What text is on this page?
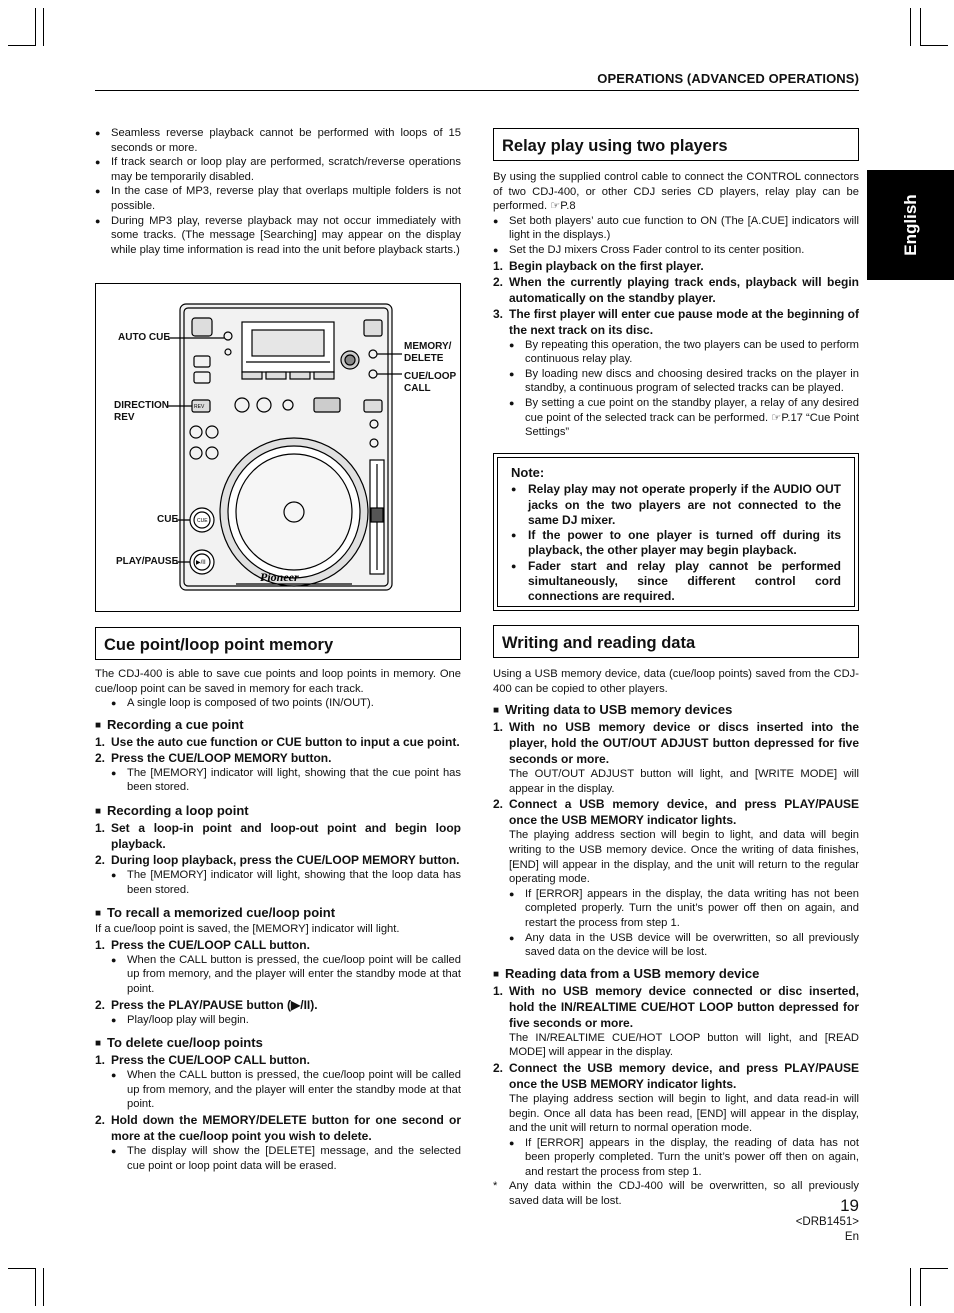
OPERATIONS (ADVANCED OPERATIONS)
English
● Seamless reverse playback cannot be performed with loops of 15 seconds or more.
● If track search or loop play are performed, scratch/reverse operations may be temporarily disabled.
● In the case of MP3, reverse play that overlaps multiple folders is not possible.
● During MP3 play, reverse playback may not occur immediately with some tracks. (The message [Searching] may appear on the display while play time information is read into the unit before playback starts.)
REV
CUE
▶/II
Pioneer
AUTO CUE
MEMORY/ DELETE
CUE/LOOP CALL
DIRECTION REV
CUE
PLAY/PAUSE
Cue point/loop point memory
The CDJ-400 is able to save cue points and loop points in memory. One cue/loop point can be saved in memory for each track.
● A single loop is composed of two points (IN/OUT).
■ Recording a cue point
1. Use the auto cue function or CUE button to input a cue point.
2. Press the CUE/LOOP MEMORY button.
● The [MEMORY] indicator will light, showing that the cue point has been stored.
■ Recording a loop point
1. Set a loop-in point and loop-out point and begin loop playback.
2. During loop playback, press the CUE/LOOP MEMORY button.
● The [MEMORY] indicator will light, showing that the loop data has been stored.
■ To recall a memorized cue/loop point
If a cue/loop point is saved, the [MEMORY] indicator will light.
1. Press the CUE/LOOP CALL button.
● When the CALL button is pressed, the cue/loop point will be called up from memory, and the player will enter the standby mode at that point.
2. Press the PLAY/PAUSE button (▶/II).
● Play/loop play will begin.
■ To delete cue/loop points
1. Press the CUE/LOOP CALL button.
● When the CALL button is pressed, the cue/loop point will be called up from memory, and the player will enter the standby mode at that point.
2. Hold down the MEMORY/DELETE button for one second or more at the cue/loop point you wish to delete.
● The display will show the [DELETE] message, and the selected cue point or loop point data will be erased.
Relay play using two players
By using the supplied control cable to connect the CONTROL connectors of two CDJ-400, or other CDJ series CD players, relay play can be performed. ☞P.8
● Set both players’ auto cue function to ON (The [A.CUE] indicators will light in the displays.)
● Set the DJ mixers Cross Fader control to its center position.
1. Begin playback on the first player.
2. When the currently playing track ends, playback will begin automatically on the standby player.
3. The first player will enter cue pause mode at the beginning of the next track on its disc.
● By repeating this operation, the two players can be used to perform continuous relay play.
● By loading new discs and choosing desired tracks on the player in standby, a continuous program of selected tracks can be played.
● By setting a cue point on the standby player, a relay of any desired cue point of the selected track can be performed. ☞P.17 “Cue Point Settings”
Note:
● Relay play may not operate properly if the AUDIO OUT jacks on the two players are not connected to the same DJ mixer.
● If the power to one player is turned off during its playback, the other player may begin playback.
● Fader start and relay play cannot be performed simultaneously, since different control cord connections are required.
Writing and reading data
Using a USB memory device, data (cue/loop points) saved from the CDJ-400 can be copied to other players.
■ Writing data to USB memory devices
1. With no USB memory device or discs inserted into the player, hold the OUT/OUT ADJUST button depressed for five seconds or more.
The OUT/OUT ADJUST button will light, and [WRITE MODE] will appear in the display.
2. Connect a USB memory device, and press PLAY/PAUSE once the USB MEMORY indicator lights.
The playing address section will begin to light, and data will begin writing to the USB memory device. Once the writing of data finishes, [END] will appear in the display, and the unit will return to the regular operating mode.
● If [ERROR] appears in the display, the data writing has not been completed properly. Turn the unit’s power off then on again, and restart the process from step 1.
● Any data in the USB device will be overwritten, so all previously saved data on the device will be lost.
■ Reading data from a USB memory device
1. With no USB memory device connected or disc inserted, hold the IN/REALTIME CUE/HOT LOOP button depressed for five seconds or more.
The IN/REALTIME CUE/HOT LOOP button will light, and [READ MODE] will appear in the display.
2. Connect the USB memory device, and press PLAY/PAUSE once the USB MEMORY indicator lights.
The playing address section will begin to light, and data read-in will begin. Once all data has been read, [END] will appear in the display, and the unit will return to normal operation mode.
● If [ERROR] appears in the display, the reading of data has not been properly completed. Turn the unit’s power off then on again, and restart the process from step 1.
* Any data within the CDJ-400 will be overwritten, so all previously saved data will be lost.	19
<DRB1451>
En
